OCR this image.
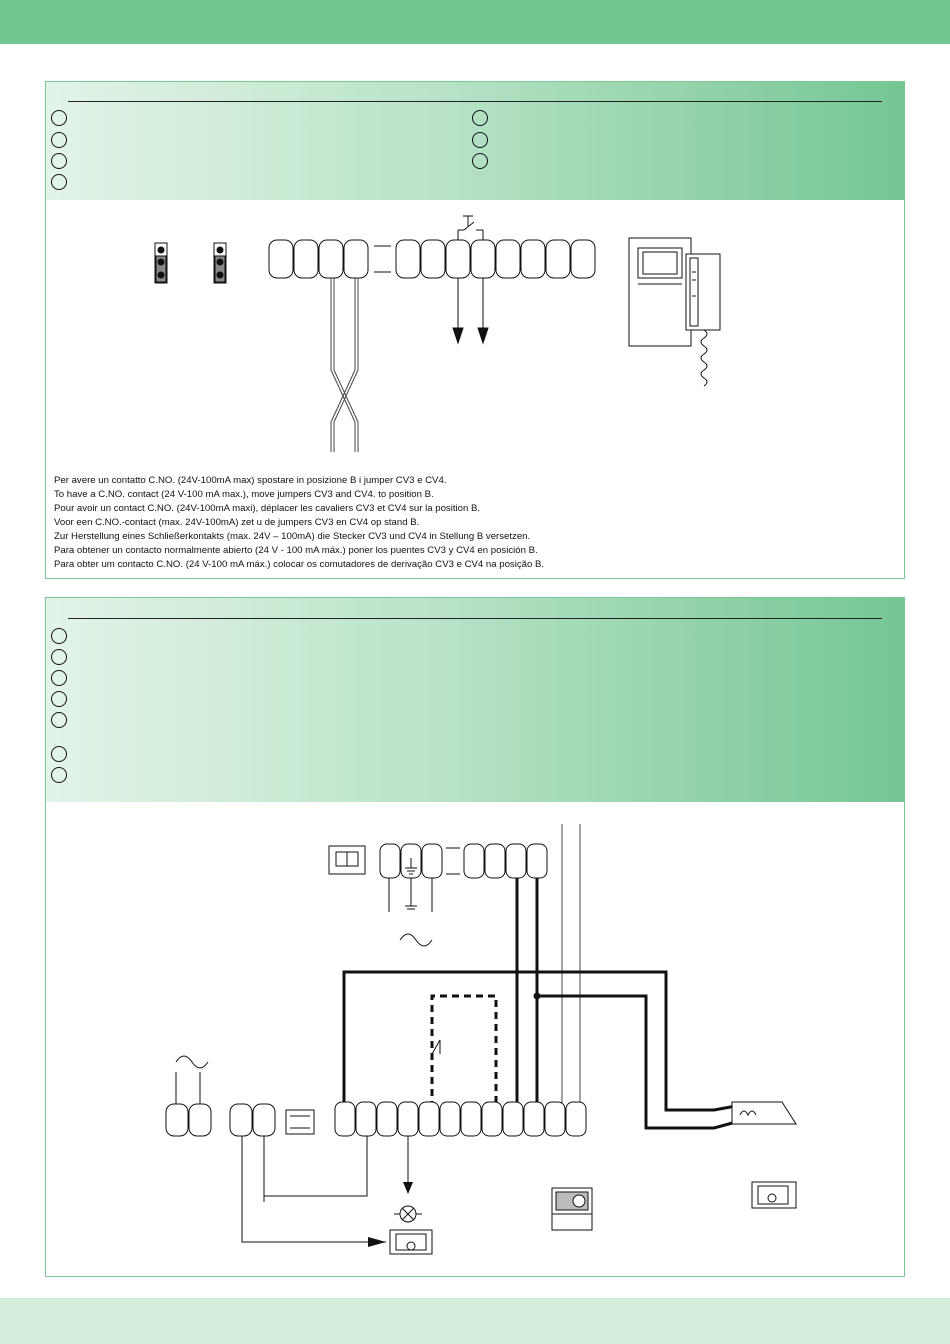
Per avere un contatto C.NO. (24V-100mA max) spostare in posizione B i jumper CV3 e CV4.
To have a C.NO. contact (24 V-100 mA max.), move jumpers CV3 and CV4. to position B.
Pour avoir un contact C.NO. (24V-100mA maxi), déplacer les cavaliers CV3 et CV4 sur la position B.
Voor een C.NO.-contact (max. 24V-100mA) zet u de jumpers CV3 en CV4 op stand B.
Zur Herstellung eines Schließerkontakts (max. 24V – 100mA) die Stecker CV3 und CV4 in Stellung B versetzen.
Para obtener un contacto normalmente abierto (24 V - 100 mA máx.) poner los puentes CV3 y CV4 en posición B.
Para obter um contacto C.NO. (24 V-100 mA máx.) colocar os comutadores de derivação CV3 e CV4 na posição B.
